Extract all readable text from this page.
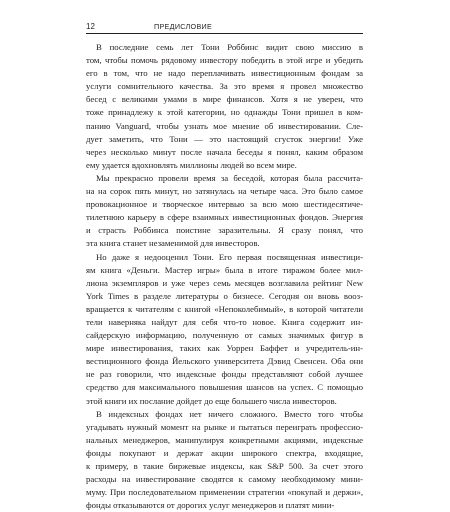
12	ПРЕДИСЛОВИЕ
В последние семь лет Тони Роббинс видит свою миссию в
том, чтобы помочь рядовому инвестору победить в этой игре и убедить
его в том, что не надо переплачивать инвестиционным фондам за
услуги сомнительного качества. За это время я провел множество
бесед с великими умами в мире финансов. Хотя я не уверен, что
тоже принадлежу к этой категории, но однажды Тони пришел в ком-
панию Vanguard, чтобы узнать мое мнение об инвестировании. Сле-
дует заметить, что Тони — это настоящий сгусток энергии! Уже
через несколько минут после начала беседы я понял, каким образом
ему удается вдохновлять миллионы людей во всем мире.
Мы прекрасно провели время за беседой, которая была рассчита-
на на сорок пять минут, но затянулась на четыре часа. Это было самое
провокационное и творческое интервью за всю мою шестидесятиче-
тилетнюю карьеру в сфере взаимных инвестиционных фондов. Энергия
и страсть Роббинса поистине заразительны. Я сразу понял, что
эта книга станет незаменимой для инвесторов.
Но даже я недооценил Тони. Его первая посвященная инвестици-
ям книга «Деньги. Мастер игры» была в итоге тиражом более мил-
лиона экземпляров и уже через семь месяцев возглавила рейтинг New
York Times в разделе литературы о бизнесе. Сегодня он вновь вооз-
вращается к читателям с книгой «Непоколебимый», в которой читатели
тели наверняка найдут для себя что-то новое. Книга содержит ин-
сайдерскую информацию, полученную от самых значимых фигур в
мире инвестирования, таких как Уоррен Баффет и учредитель-ин-
вестиционного фонда Йельского университета Дэвид Свенсен. Оба они
не раз говорили, что индексные фонды представляют собой лучшее
средство для максимального повышения шансов на успех. С помощью
этой книги их послание дойдет до еще большего числа инвесторов.
В индексных фондах нет ничего сложного. Вместо того чтобы
угадывать нужный момент на рынке и пытаться переиграть профессио-
нальных менеджеров, манипулируя конкретными акциями, индексные
фонды покупают и держат акции широкого спектра, входящие,
к примеру, в такие биржевые индексы, как S&P 500. За счет этого
расходы на инвестирование сводятся к самому необходимому мини-
муму. При последовательном применении стратегии «покупай и держи»,
фонды отказываются от дорогих услуг менеджеров и платят мини-
